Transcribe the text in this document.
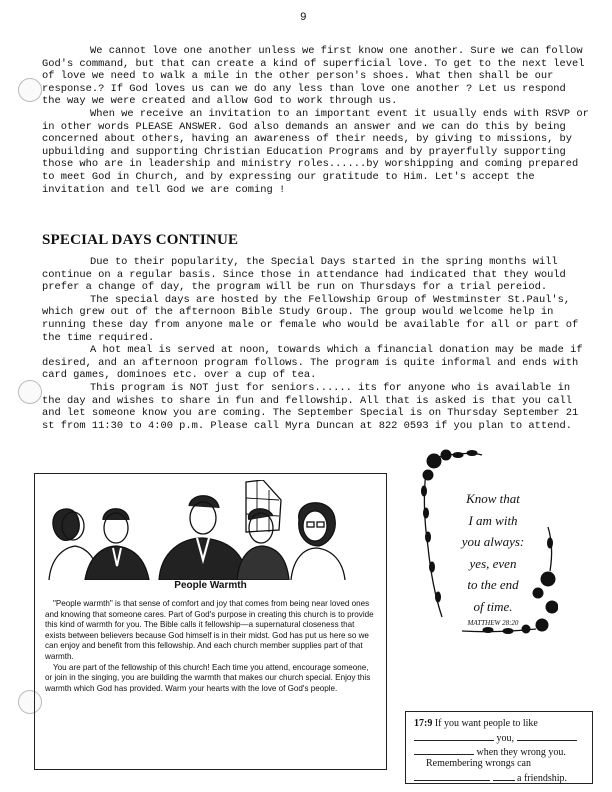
9

We cannot love one another unless we first know one another. Sure we can follow God's command, but that can create a kind of superficial love. To get to the next level of love we need to walk a mile in the other person's shoes. What then shall be our response.? If God loves us can we do any less than love one another ? Let us respond the way we were created and allow God to work through us.

When we receive an invitation to an important event it usually ends with RSVP or in other words PLEASE ANSWER. God also demands an answer and we can do this by being concerned about others, having an awareness of their needs, by giving to missions, by upbuilding and supporting Christian Education Programs and by prayerfully supporting those who are in leadership and ministry roles......by worshipping and coming prepared to meet God in Church, and by expressing our gratitude to Him. Let's accept the invitation and tell God we are coming !

SPECIAL DAYS CONTINUE

Due to their popularity, the Special Days started in the spring months will continue on a regular basis. Since those in attendance had indicated that they would prefer a change of day, the program will be run on Thursdays for a trial pereiod.

The special days are hosted by the Fellowship Group of Westminster St.Paul's, which grew out of the afternoon Bible Study Group. The group would welcome help in running these day from anyone male or female who would be available for all or part of the time required.

A hot meal is served at noon, towards which a financial donation may be made if desired, and an afternoon program follows. The program is quite informal and ends with card games, dominoes etc. over a cup of tea.

This program is NOT just for seniors...... its for anyone who is available in the day and wishes to share in fun and fellowship. All that is asked is that you call and let someone know you are coming. The September Special is on Thursday September 21 st from 11:30 to 4:00 p.m. Please call Myra Duncan at 822 0593 if you plan to attend.

People Warmth

"People warmth" is that sense of comfort and joy that comes from being near loved ones and knowing that someone cares. Part of God's purpose in creating this church is to provide this kind of warmth for you. The Bible calls it fellowship—a supernatural closeness that exists between believers because God himself is in their midst. God has put us here so we can enjoy and benefit from this fellowship. And each church member supplies part of that warmth.

You are part of the fellowship of this church! Each time you attend, encourage someone, or join in the singing, you are building the warmth that makes our church special. Enjoy this warmth which God has provided. Warm your hearts with the love of God's people.

Know that
I am with
you always:
yes, even
to the end
of time.
MATTHEW 28:20
17:9 If you want people to like
you,
when they wrong you.
Remembering wrongs can
a friendship.
